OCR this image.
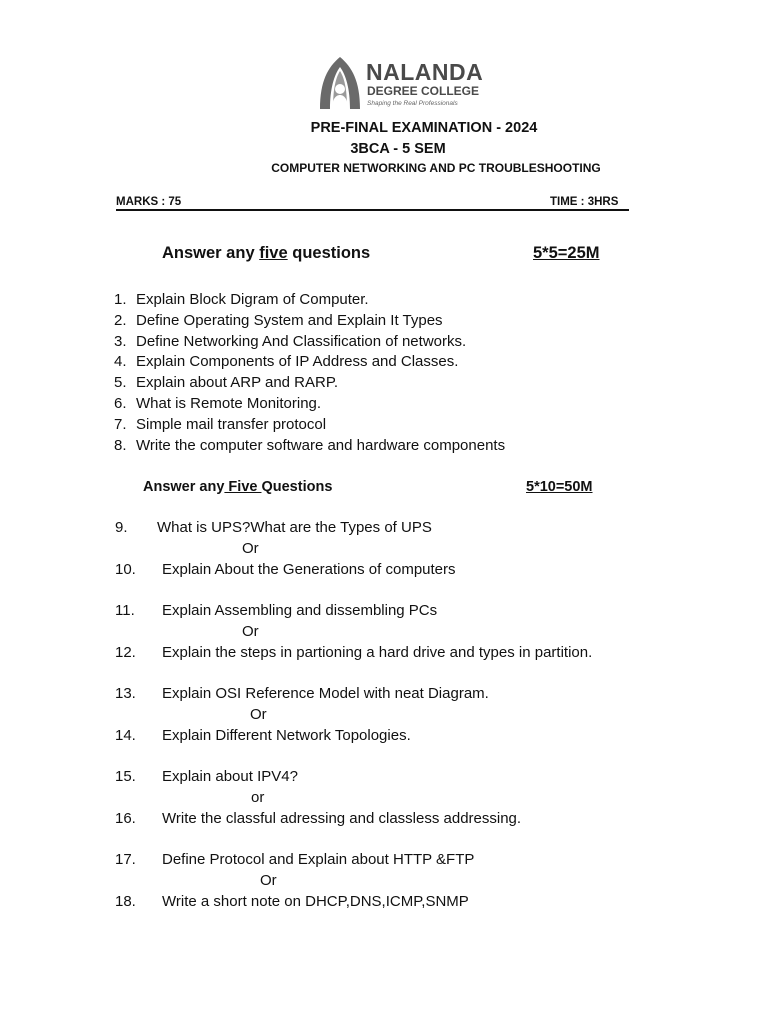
NALANDA
DEGREE COLLEGE
Shaping the Real Professionals
PRE-FINAL EXAMINATION - 2024
3BCA - 5 SEM
COMPUTER NETWORKING AND PC TROUBLESHOOTING
MARKS : 75	TIME : 3HRS
Answer any five questions	5*5=25M
1. Explain Block Digram of Computer.
2. Define Operating System and Explain It Types
3. Define Networking And Classification of networks.
4. Explain Components of IP Address and Classes.
5. Explain about ARP and RARP.
6. What is Remote Monitoring.
7. Simple mail transfer protocol
8. Write the computer software and hardware components
Answer any Five Questions	5*10=50M
9. What is UPS?What are the Types of UPS
Or
10. Explain About the Generations of computers
11. Explain Assembling and dissembling PCs
Or
12. Explain the steps in partioning a hard drive and types in partition.
13. Explain OSI Reference Model with neat Diagram.
Or
14. Explain Different Network Topologies.
15. Explain about IPV4?
or
16. Write the classful adressing and classless addressing.
17. Define Protocol and Explain about HTTP &FTP
Or
18. Write a short note on DHCP,DNS,ICMP,SNMP
